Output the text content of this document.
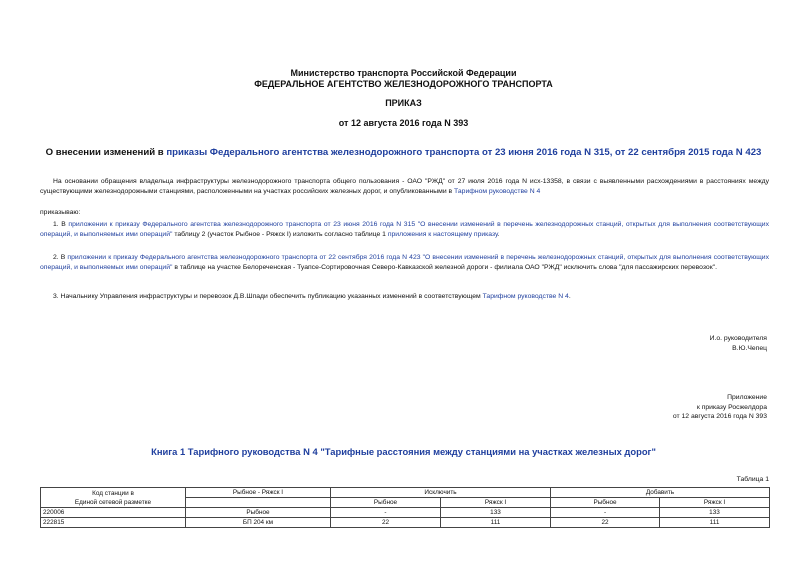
Министерство транспорта Российской Федерации
ФЕДЕРАЛЬНОЕ АГЕНТСТВО ЖЕЛЕЗНОДОРОЖНОГО ТРАНСПОРТА
ПРИКАЗ
от 12 августа 2016 года N 393
О внесении изменений в приказы Федерального агентства железнодорожного транспорта от 23 июня 2016 года N 315, от 22 сентября 2015 года N 423
На основании обращения владельца инфраструктуры железнодорожного транспорта общего пользования - ОАО "РЖД" от 27 июля 2016 года N исх-13358, в связи с выявленными расхождениями в расстояниях между существующими железнодорожными станциями, расположенными на участках российских железных дорог, и опубликованными в Тарифном руководстве N 4
приказываю:
1. В приложении к приказу Федерального агентства железнодорожного транспорта от 23 июня 2016 года N 315 "О внесении изменений в перечень железнодорожных станций, открытых для выполнения соответствующих операций, и выполняемых ими операций" таблицу 2 (участок Рыбное - Ряжск I) изложить согласно таблице 1 приложения к настоящему приказу.
2. В приложении к приказу Федерального агентства железнодорожного транспорта от 22 сентября 2016 года N 423 "О внесении изменений в перечень железнодорожных станций, открытых для выполнения соответствующих операций, и выполняемых ими операций" в таблице на участке Белореченская - Туапсе-Сортировочная Северо-Кавказской железной дороги - филиала ОАО "РЖД" исключить слова "для пассажирских перевозок".
3. Начальнику Управления инфраструктуры и перевозок Д.В.Шпади обеспечить публикацию указанных изменений в соответствующем Тарифном руководстве N 4.
И.о. руководителя
В.Ю.Чепец
Приложение
к приказу Росжелдора
от 12 августа 2016 года N 393
Книга 1 Тарифного руководства N 4 "Тарифные расстояния между станциями на участках железных дорог"
Таблица 1
Код станции в
Единой сетевой разметке	Рыбное - Ряжск I	Исключить		Добавить	
		Рыбное	Ряжск I	Рыбное	Ряжск I
220006	Рыбное	-	133	-	133
222815	БП 204 км	22	111	22	111
